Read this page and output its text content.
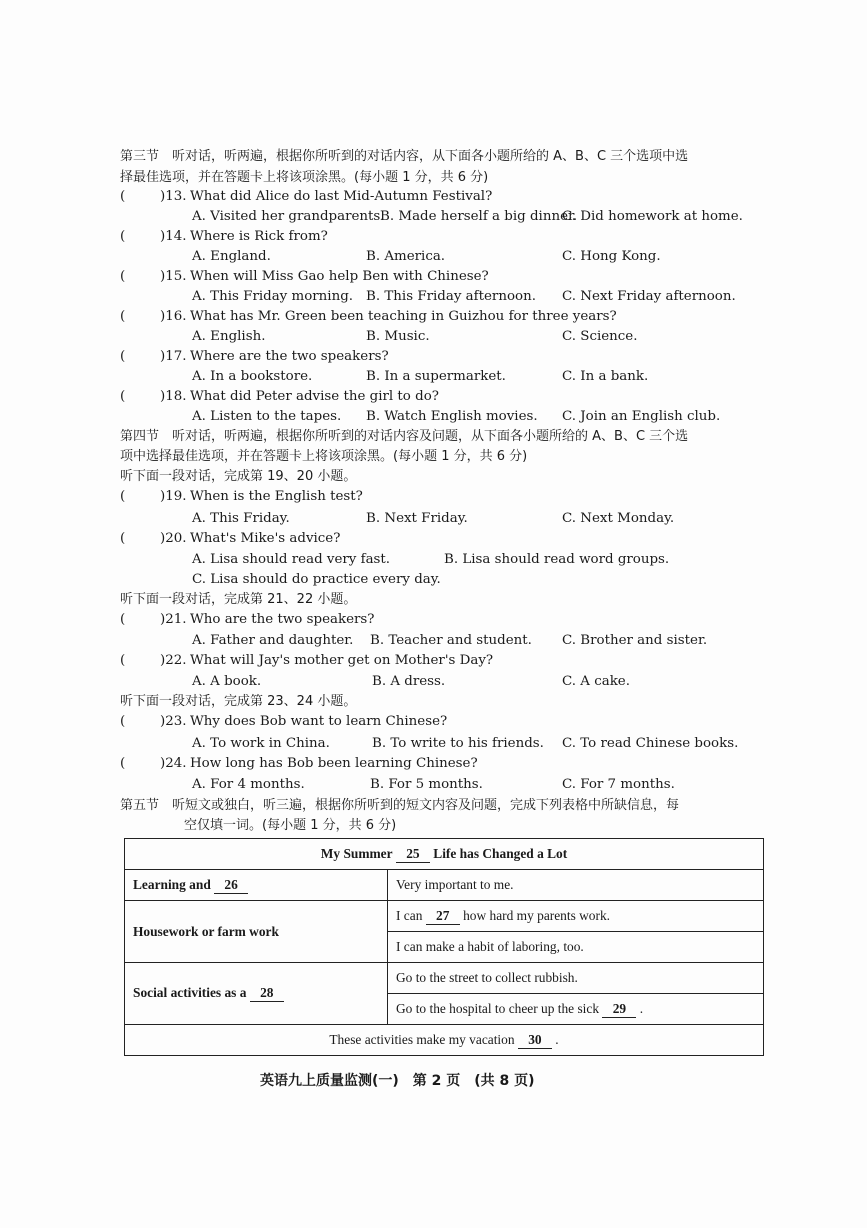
第三节　听对话，听两遍，根据你所听到的对话内容，从下面各小题所给的 A、B、C 三个选项中选
择最佳选项，并在答题卡上将该项涂黑。(每小题 1 分，共 6 分)
(	)13. What did Alice do last Mid-Autumn Festival?
A. Visited her grandparents.
B. Made herself a big dinner.
C. Did homework at home.
(	)14. Where is Rick from?
A. England.	B. America.	C. Hong Kong.
(	)15. When will Miss Gao help Ben with Chinese?
A. This Friday morning. B. This Friday afternoon. C. Next Friday afternoon.
(	)16. What has Mr. Green been teaching in Guizhou for three years?
A. English.	B. Music.	C. Science.
(	)17. Where are the two speakers?
A. In a bookstore.	B. In a supermarket.	C. In a bank.
(	)18. What did Peter advise the girl to do?
A. Listen to the tapes. B. Watch English movies. C. Join an English club.
第四节　听对话，听两遍，根据你所听到的对话内容及问题，从下面各小题所给的 A、B、C 三个选
项中选择最佳选项，并在答题卡上将该项涂黑。(每小题 1 分，共 6 分)
听下面一段对话，完成第 19、20 小题。
(	)19. When is the English test?
A. This Friday.	B. Next Friday.	C. Next Monday.
(	)20. What's Mike's advice?
A. Lisa should read very fast.	B. Lisa should read word groups.
C. Lisa should do practice every day.
听下面一段对话，完成第 21、22 小题。
(	)21. Who are the two speakers?
A. Father and daughter. B. Teacher and student. C. Brother and sister.
(	)22. What will Jay's mother get on Mother's Day?
A. A book.	B. A dress.	C. A cake.
听下面一段对话，完成第 23、24 小题。
(	)23. Why does Bob want to learn Chinese?
A. To work in China.	B. To write to his friends. C. To read Chinese books.
(	)24. How long has Bob been learning Chinese?
A. For 4 months.	B. For 5 months.	C. For 7 months.
第五节　听短文或独白，听三遍，根据你所听到的短文内容及问题，完成下列表格中所缺信息，每
空仅填一词。(每小题 1 分，共 6 分)
My Summer 25 Life has Changed a Lot	
Learning and 26	Very important to me.
Housework or farm work	I can 27 how hard my parents work.
	I can make a habit of laboring, too.
Social activities as a 28	Go to the street to collect rubbish.
	Go to the hospital to cheer up the sick 29 .
These activities make my vacation 30 .	
英语九上质量监测(一)　第 2 页　(共 8 页)
